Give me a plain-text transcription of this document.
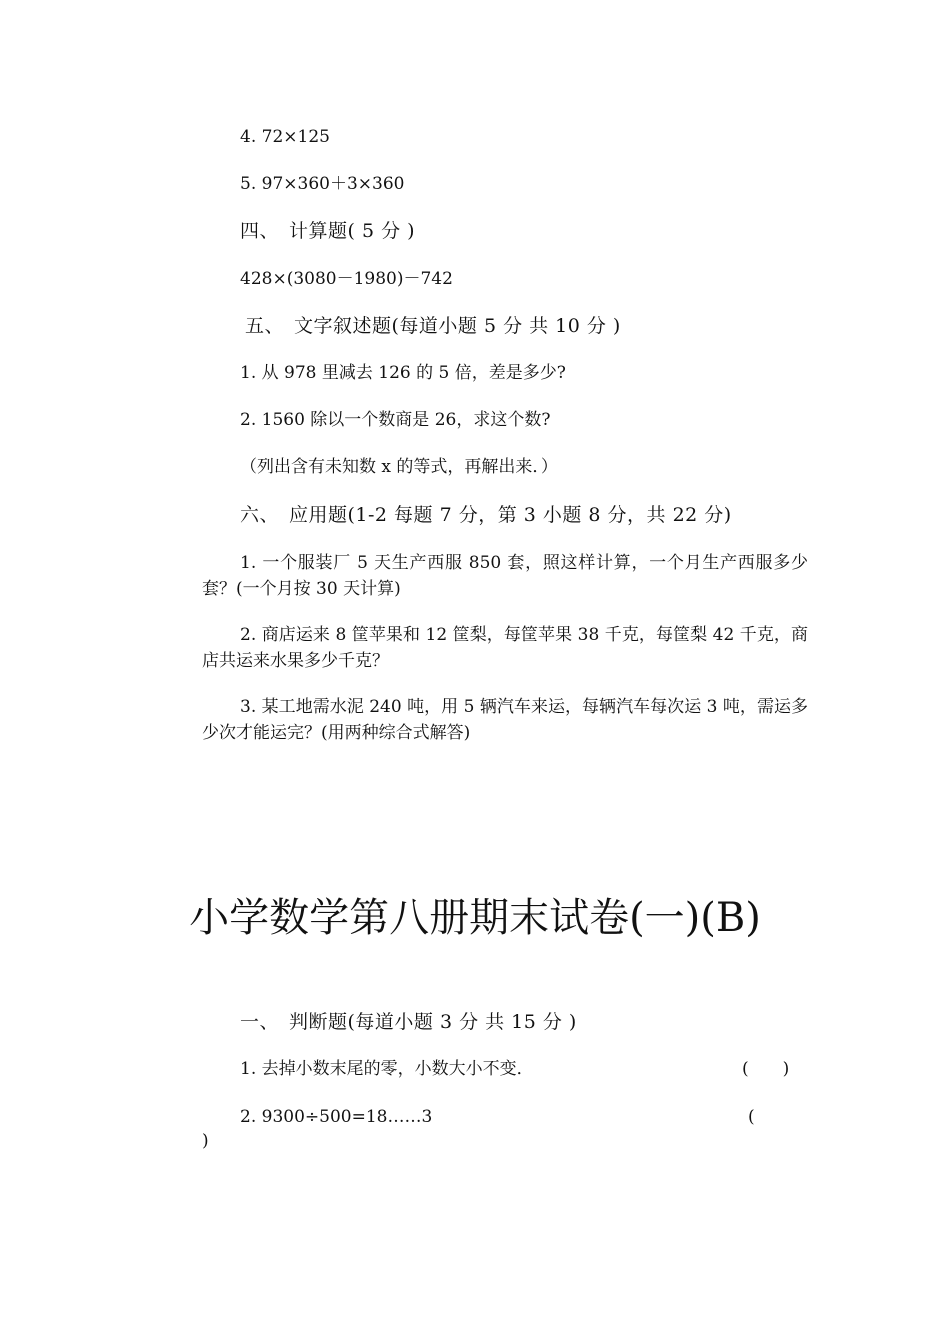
4. 72×125
5. 97×360＋3×360
四、　计算题( 5 分 )
428×(3080－1980)－742
五、　文字叙述题(每道小题 5 分 共 10 分 )
1. 从 978 里减去 126 的 5 倍，差是多少?
2. 1560 除以一个数商是 26，求这个数?
（列出含有未知数 x 的等式，再解出来．）
六、　应用题(1-2 每题 7 分，第 3 小题 8 分，共 22 分)
1. 一个服装厂 5 天生产西服 850 套，照这样计算，一个月生产西服多少套？(一个月按 30 天计算)
2. 商店运来 8 筐苹果和 12 筐梨，每筐苹果 38 千克，每筐梨 42 千克，商店共运来水果多少千克？
3. 某工地需水泥 240 吨，用 5 辆汽车来运，每辆汽车每次运 3 吨，需运多少次才能运完？(用两种综合式解答)
小学数学第八册期末试卷(一)(B)
一、　判断题(每道小题 3 分 共 15 分 )
1. 去掉小数末尾的零，小数大小不变．	(　　)
2. 9300÷500=18……3	(
)
